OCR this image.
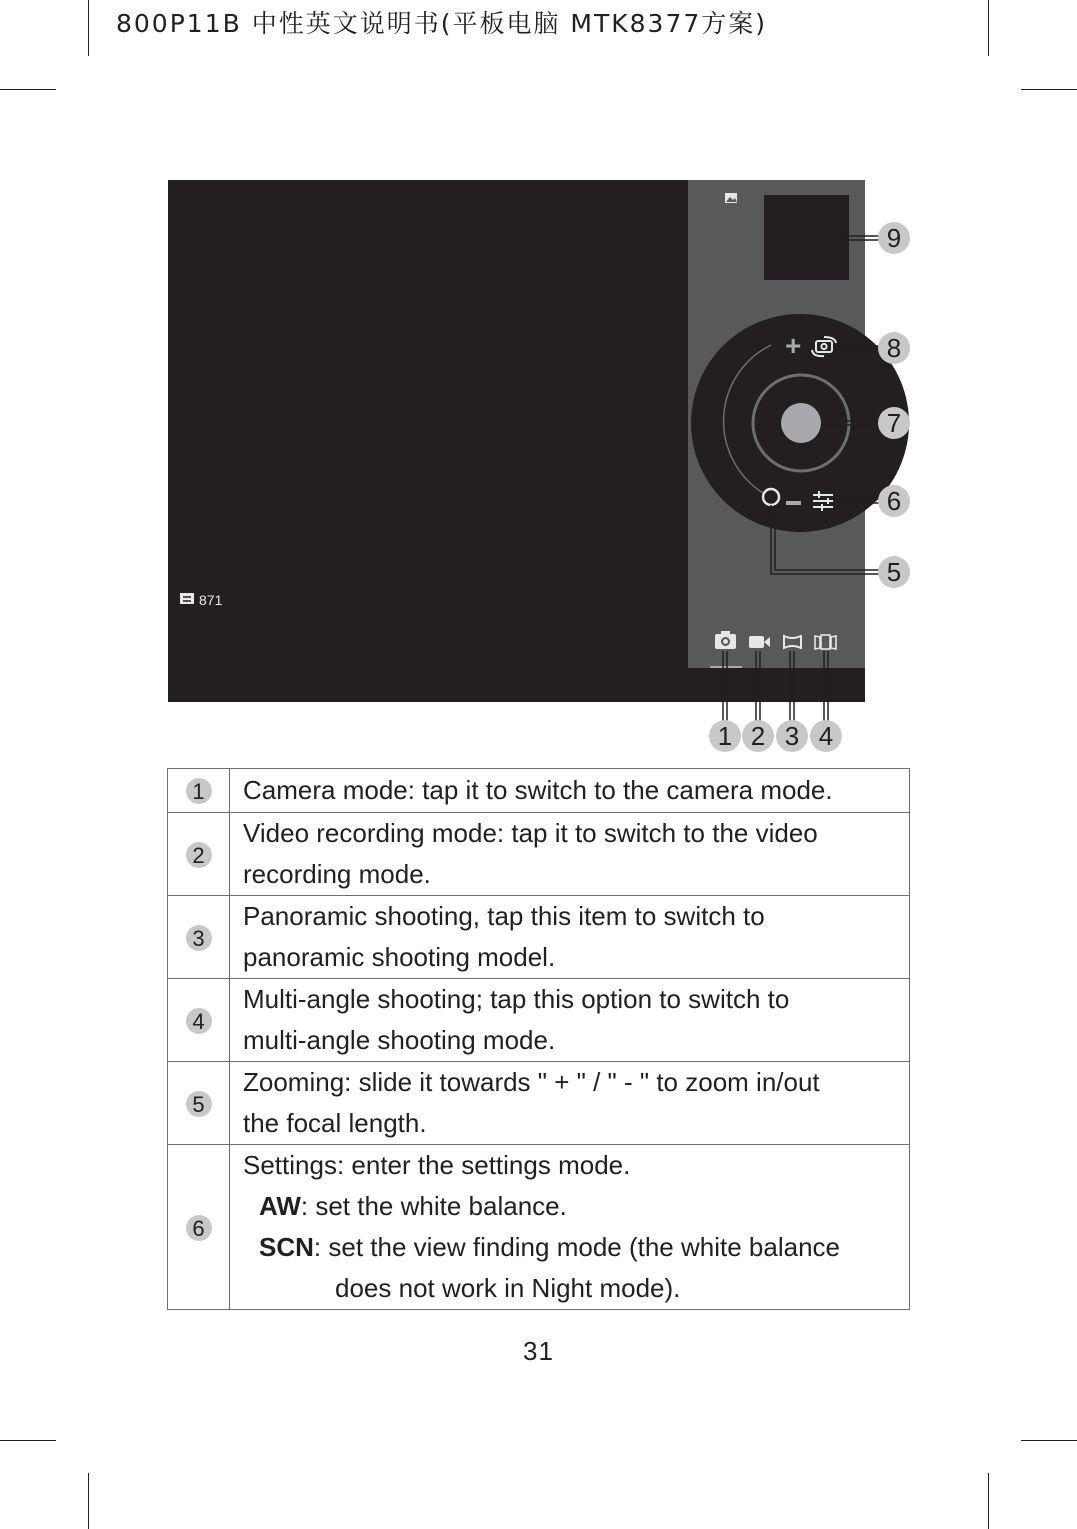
800P11B 中性英文说明书(平板电脑 MTK8377方案)
+
871
9
8
7
6
5
1 2 3 4
1	Camera mode: tap it to switch to the camera mode.

2	Video recording mode: tap it to switch to the video
recording mode.

3	Panoramic shooting, tap this item to switch to
panoramic shooting model.

4	Multi-angle shooting; tap this option to switch to
multi-angle shooting mode.

5	Zooming: slide it towards " + " / " - " to zoom in/out
the focal length.

6	Settings: enter the settings mode.
AW: set the white balance.
SCN: set the view finding mode (the white balance
does not work in Night mode).
31
